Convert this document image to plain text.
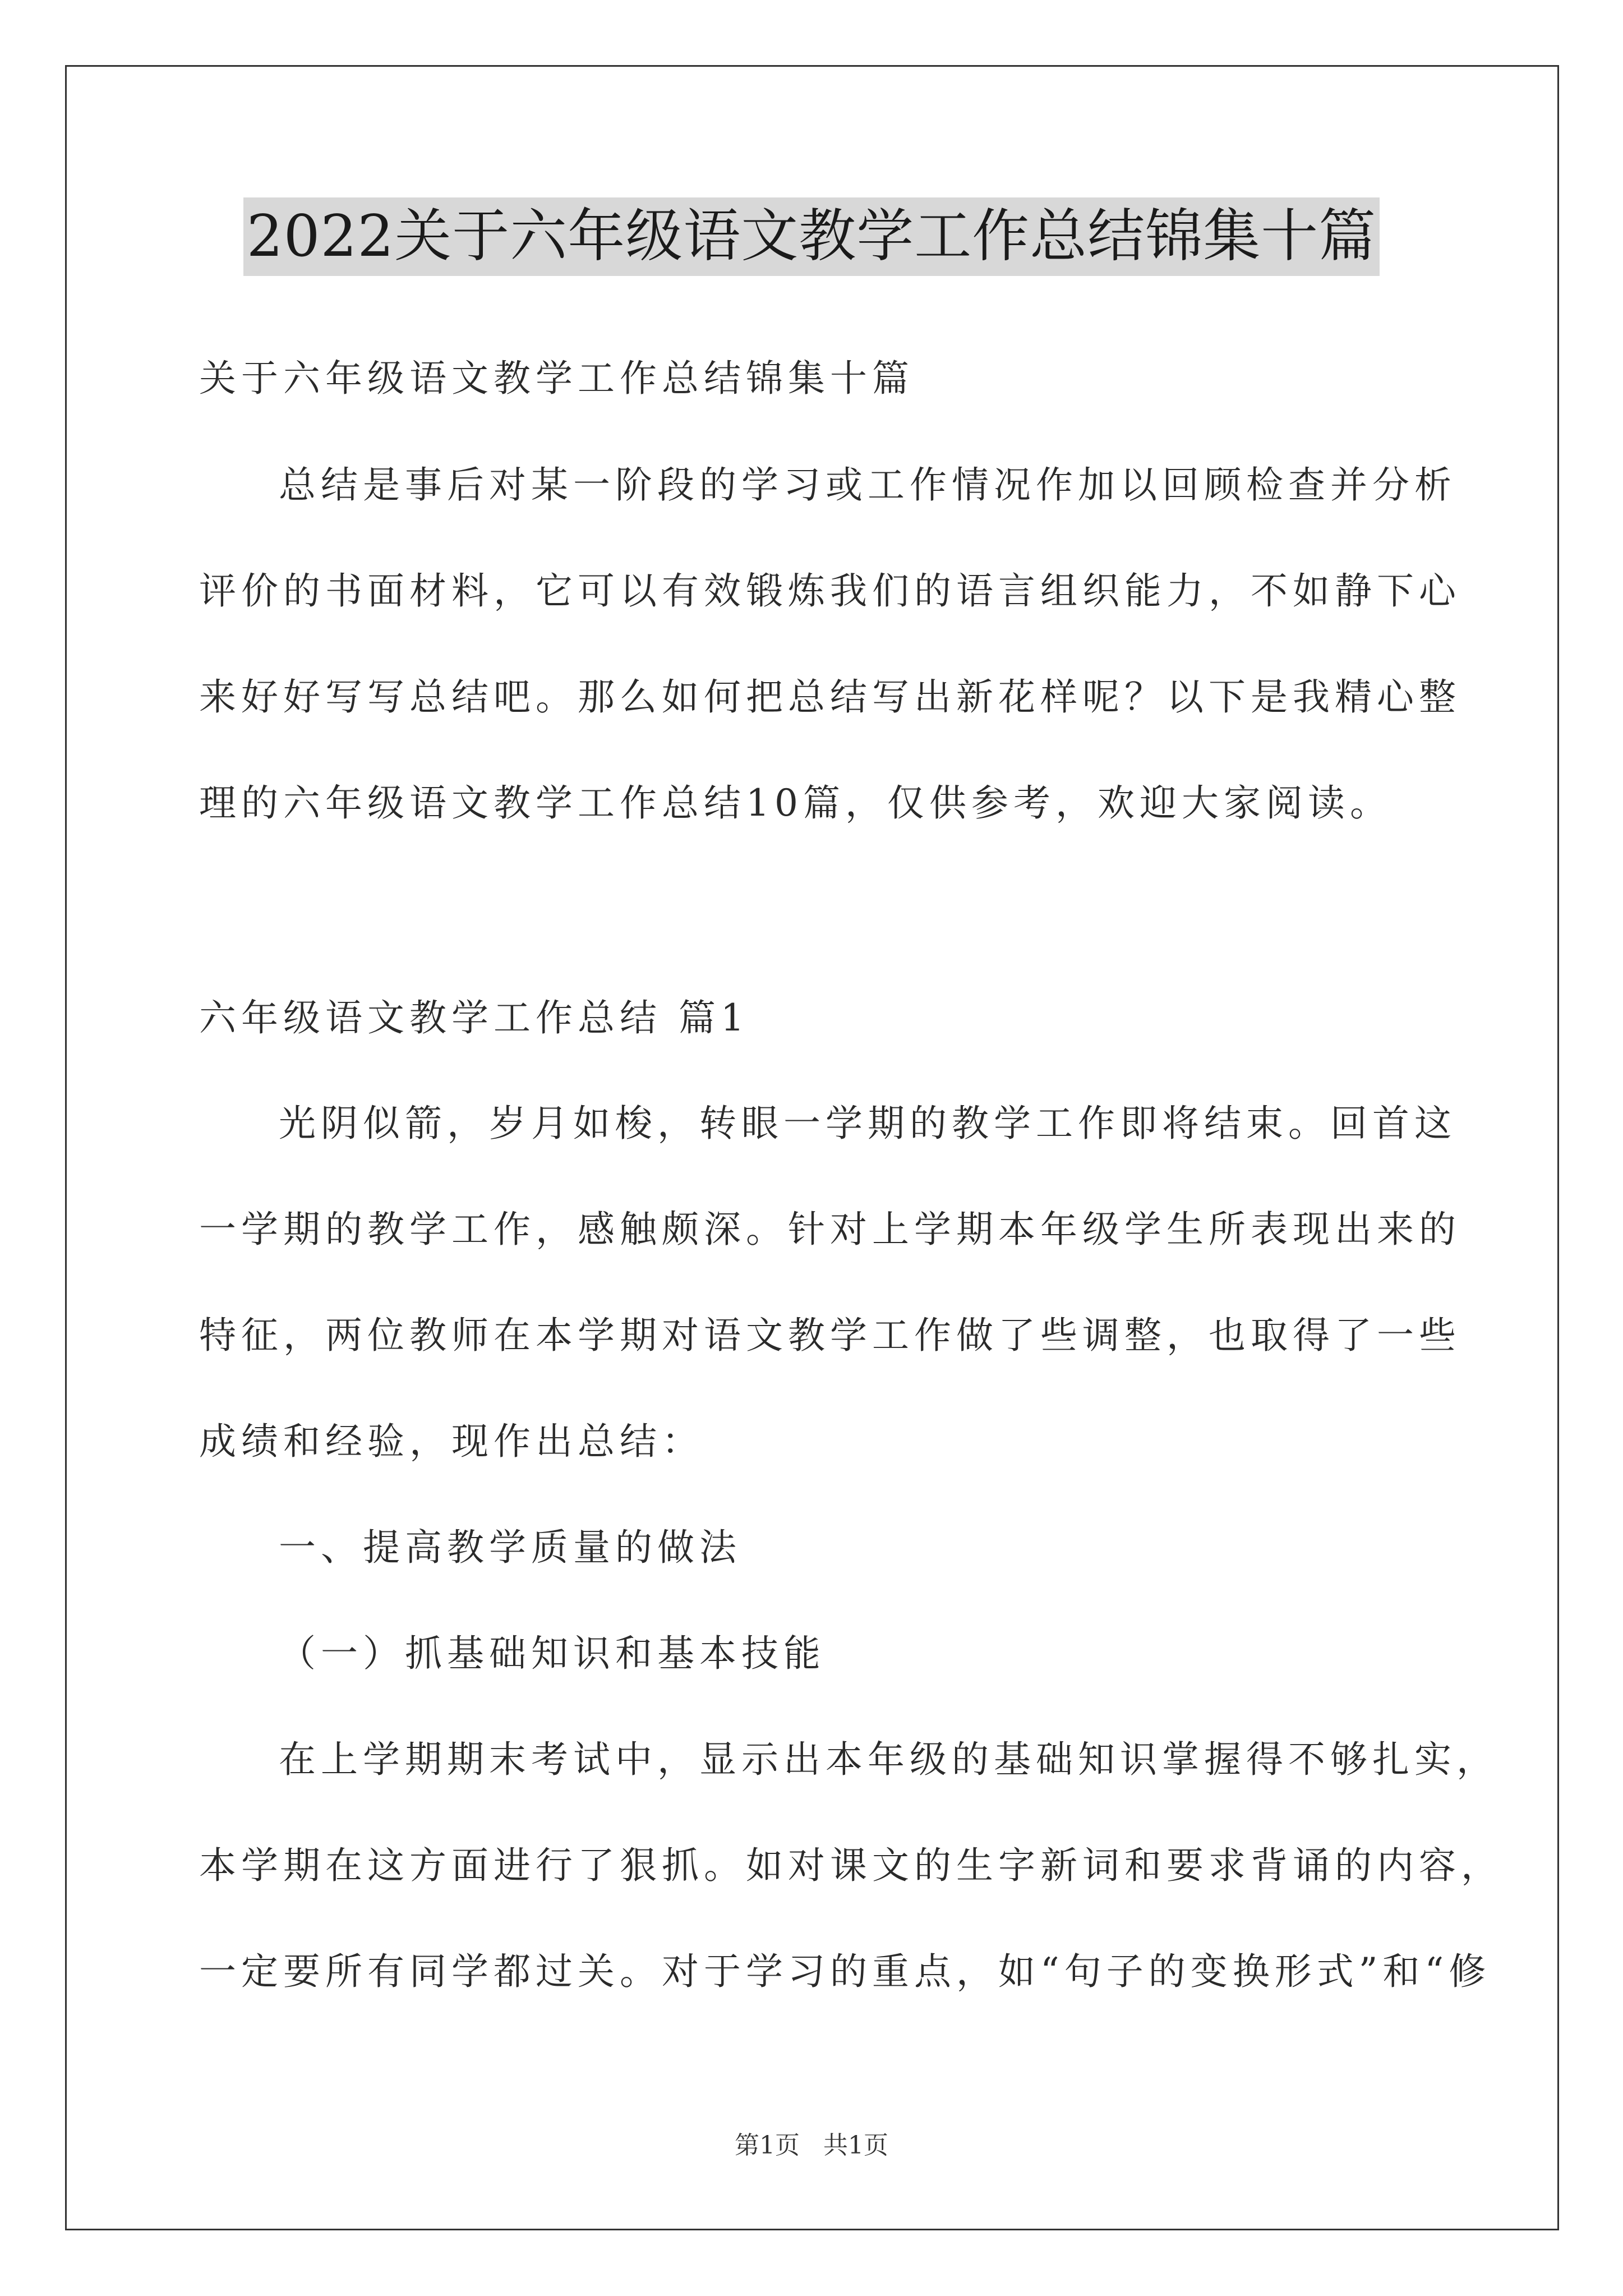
2022关于六年级语文教学工作总结锦集十篇
关于六年级语文教学工作总结锦集十篇
总结是事后对某一阶段的学习或工作情况作加以回顾检查并分析
评价的书面材料，它可以有效锻炼我们的语言组织能力，不如静下心
来好好写写总结吧。那么如何把总结写出新花样呢？以下是我精心整
理的六年级语文教学工作总结10篇，仅供参考，欢迎大家阅读。
六年级语文教学工作总结 篇1
光阴似箭，岁月如梭，转眼一学期的教学工作即将结束。回首这
一学期的教学工作，感触颇深。针对上学期本年级学生所表现出来的
特征，两位教师在本学期对语文教学工作做了些调整，也取得了一些
成绩和经验，现作出总结：
一、提高教学质量的做法
（一）抓基础知识和基本技能
在上学期期末考试中，显示出本年级的基础知识掌握得不够扎实，
本学期在这方面进行了狠抓。如对课文的生字新词和要求背诵的内容，
一定要所有同学都过关。对于学习的重点，如“句子的变换形式”和“修
第1页 共1页
